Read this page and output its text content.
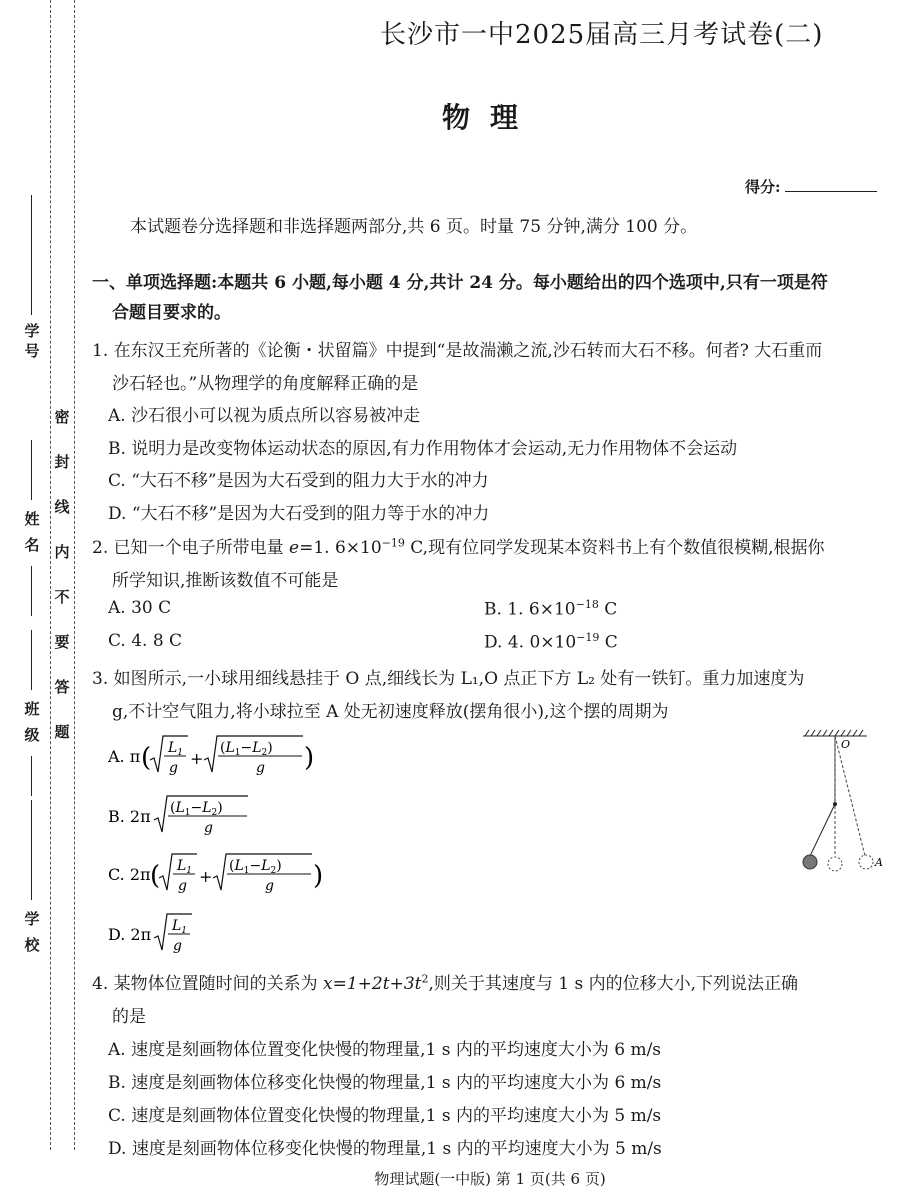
学
号
姓
名
班
级
学
校
密
封
线
内
不
要
答
题
长沙市一中2025届高三月考试卷(二)
物理
得分:
本试题卷分选择题和非选择题两部分,共 6 页。时量 75 分钟,满分 100 分。
一、单项选择题:本题共 6 小题,每小题 4 分,共计 24 分。每小题给出的四个选项中,只有一项是符
合题目要求的。
1. 在东汉王充所著的《论衡・状留篇》中提到“是故湍濑之流,沙石转而大石不移。何者? 大石重而
沙石轻也。”从物理学的角度解释正确的是
A. 沙石很小可以视为质点所以容易被冲走
B. 说明力是改变物体运动状态的原因,有力作用物体才会运动,无力作用物体不会运动
C. “大石不移”是因为大石受到的阻力大于水的冲力
D. “大石不移”是因为大石受到的阻力等于水的冲力
2. 已知一个电子所带电量 e=1. $6\times 10^{-19}$ C,现有位同学发现某本资料书上有个数值很模糊,根据你
所学知识,推断该数值不可能是
A. 30 C	B. 1. $6\times 10^{-18}$ C
C. 4. 8 C	D. 4. $0\times 10^{-19}$ C
3. 如图所示,一小球用细线悬挂于 O 点,细线长为 L₁,O 点正下方 L₂ 处有一铁钉。重力加速度为
g,不计空气阻力,将小球拉至 A 处无初速度释放(摆角很小),这个摆的周期为
A. π ( $L_1$
g +
$(L_1-L_2)$
g )
B. 2π $(L_1-L_2)$
g
C. 2π ( $L_1$
g +
$(L_1-L_2)$
g )
D. 2π $L_1$
g
O
A
4. 某物体位置随时间的关系为 $x=1+2t+3t^2$,则关于其速度与 1 s 内的位移大小,下列说法正确
的是
A. 速度是刻画物体位置变化快慢的物理量,1 s 内的平均速度大小为 6 m/s
B. 速度是刻画物体位移变化快慢的物理量,1 s 内的平均速度大小为 6 m/s
C. 速度是刻画物体位置变化快慢的物理量,1 s 内的平均速度大小为 5 m/s
D. 速度是刻画物体位移变化快慢的物理量,1 s 内的平均速度大小为 5 m/s
物理试题(一中版) 第 1 页(共 6 页)
